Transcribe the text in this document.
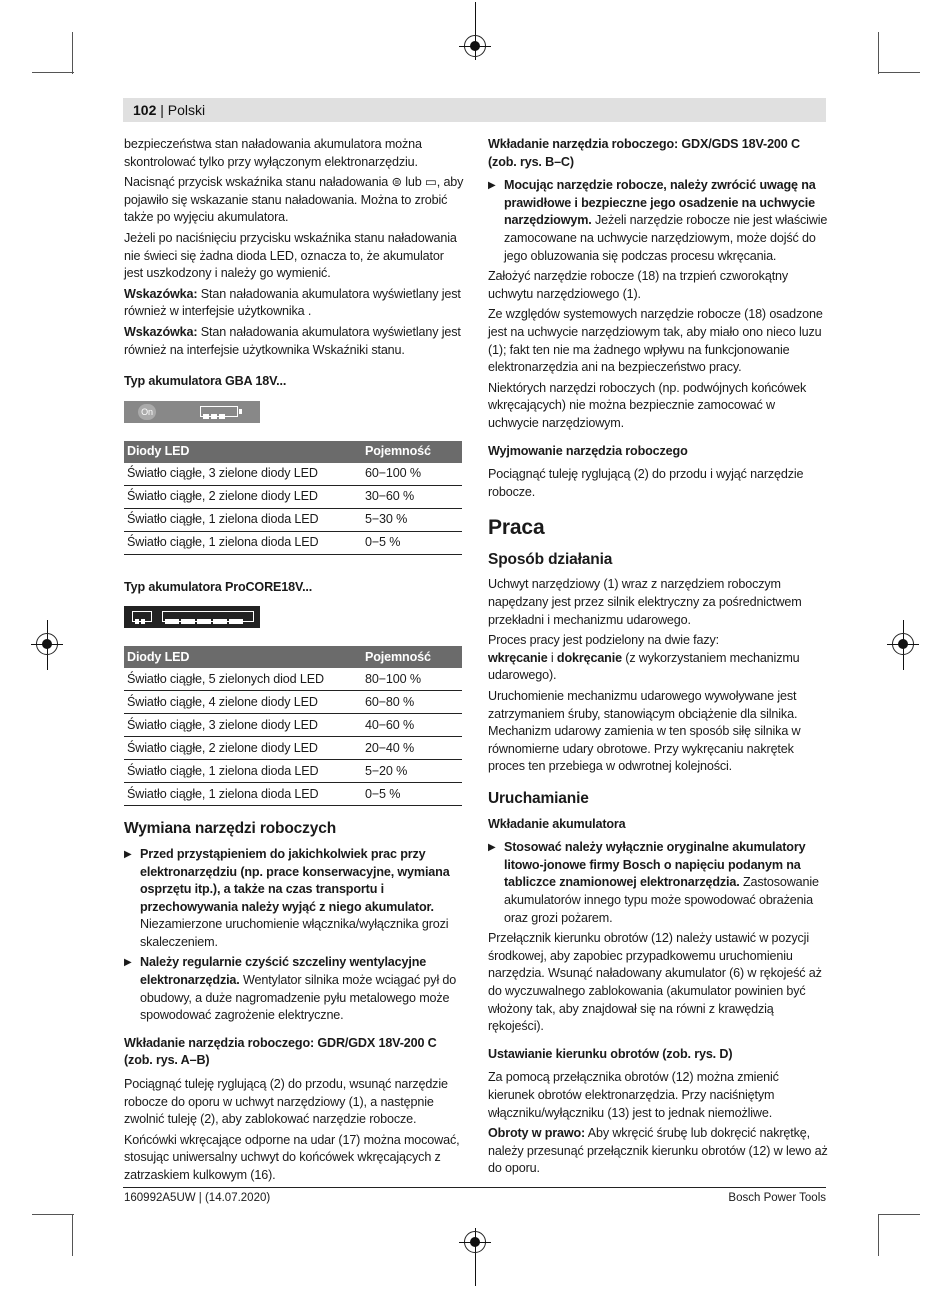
102 | Polski

bezpieczeństwa stan naładowania akumulatora można skontrolować tylko przy wyłączonym elektronarzędziu.

Nacisnąć przycisk wskaźnika stanu naładowania ⊜ lub ▭, aby pojawiło się wskazanie stanu naładowania. Można to zrobić także po wyjęciu akumulatora.

Jeżeli po naciśnięciu przycisku wskaźnika stanu naładowania nie świeci się żadna dioda LED, oznacza to, że akumulator jest uszkodzony i należy go wymienić.

Wskazówka: Stan naładowania akumulatora wyświetlany jest również w interfejsie użytkownika .

Wskazówka: Stan naładowania akumulatora wyświetlany jest również na interfejsie użytkownika Wskaźniki stanu.

Typ akumulatora GBA 18V...
On
Diody LED	Pojemność
Światło ciągłe, 3 zielone diody LED	60−100 %
Światło ciągłe, 2 zielone diody LED	30−60 %
Światło ciągłe, 1 zielona dioda LED	5−30 %
Światło ciągłe, 1 zielona dioda LED	0−5 %
Typ akumulatora ProCORE18V...
Diody LED	Pojemność
Światło ciągłe, 5 zielonych diod LED	80−100 %
Światło ciągłe, 4 zielone diody LED	60−80 %
Światło ciągłe, 3 zielone diody LED	40−60 %
Światło ciągłe, 2 zielone diody LED	20−40 %
Światło ciągłe, 1 zielona dioda LED	5−20 %
Światło ciągłe, 1 zielona dioda LED	0−5 %
Wymiana narzędzi roboczych
▶ Przed przystąpieniem do jakichkolwiek prac przy elektronarzędziu (np. prace konserwacyjne, wymiana osprzętu itp.), a także na czas transportu i przechowywania należy wyjąć z niego akumulator. Niezamierzone uruchomienie włącznika/wyłącznika grozi skaleczeniem.
▶ Należy regularnie czyścić szczeliny wentylacyjne elektronarzędzia. Wentylator silnika może wciągać pył do obudowy, a duże nagromadzenie pyłu metalowego może spowodować zagrożenie elektryczne.
Wkładanie narzędzia roboczego: GDR/GDX 18V-200 C (zob. rys. A–B)

Pociągnąć tuleję ryglującą (2) do przodu, wsunąć narzędzie robocze do oporu w uchwyt narzędziowy (1), a następnie zwolnić tuleję (2), aby zablokować narzędzie robocze.

Końcówki wkręcające odporne na udar (17) można mocować, stosując uniwersalny uchwyt do końcówek wkręcających z zatrzaskiem kulkowym (16).

Wkładanie narzędzia roboczego: GDX/GDS 18V-200 C (zob. rys. B–C)
▶ Mocując narzędzie robocze, należy zwrócić uwagę na prawidłowe i bezpieczne jego osadzenie na uchwycie narzędziowym. Jeżeli narzędzie robocze nie jest właściwie zamocowane na uchwycie narzędziowym, może dojść do jego obluzowania się podczas procesu wkręcania.

Założyć narzędzie robocze (18) na trzpień czworokątny uchwytu narzędziowego (1).

Ze względów systemowych narzędzie robocze (18) osadzone jest na uchwycie narzędziowym tak, aby miało ono nieco luzu (1); fakt ten nie ma żadnego wpływu na funkcjonowanie elektronarzędzia ani na bezpieczeństwo pracy.

Niektórych narzędzi roboczych (np. podwójnych końcówek wkręcających) nie można bezpiecznie zamocować w uchwycie narzędziowym.

Wyjmowanie narzędzia roboczego

Pociągnąć tuleję ryglującą (2) do przodu i wyjąć narzędzie robocze.

Praca
Sposób działania

Uchwyt narzędziowy (1) wraz z narzędziem roboczym napędzany jest przez silnik elektryczny za pośrednictwem przekładni i mechanizmu udarowego.

Proces pracy jest podzielony na dwie fazy:

wkręcanie i dokręcanie (z wykorzystaniem mechanizmu udarowego).

Uruchomienie mechanizmu udarowego wywoływane jest zatrzymaniem śruby, stanowiącym obciążenie dla silnika. Mechanizm udarowy zamienia w ten sposób siłę silnika w równomierne udary obrotowe. Przy wykręcaniu nakrętek proces ten przebiega w odwrotnej kolejności.

Uruchamianie
Wkładanie akumulatora
▶ Stosować należy wyłącznie oryginalne akumulatory litowo-jonowe firmy Bosch o napięciu podanym na tabliczce znamionowej elektronarzędzia. Zastosowanie akumulatorów innego typu może spowodować obrażenia oraz grozi pożarem.

Przełącznik kierunku obrotów (12) należy ustawić w pozycji środkowej, aby zapobiec przypadkowemu uruchomieniu narzędzia. Wsunąć naładowany akumulator (6) w rękojeść aż do wyczuwalnego zablokowania (akumulator powinien być włożony tak, aby znajdował się na równi z krawędzią rękojeści).

Ustawianie kierunku obrotów (zob. rys. D)

Za pomocą przełącznika obrotów (12) można zmienić kierunek obrotów elektronarzędzia. Przy naciśniętym włączniku/wyłączniku (13) jest to jednak niemożliwe.

Obroty w prawo: Aby wkręcić śrubę lub dokręcić nakrętkę, należy przesunąć przełącznik kierunku obrotów (12) w lewo aż do oporu.

160992A5UW | (14.07.2020)	Bosch Power Tools
